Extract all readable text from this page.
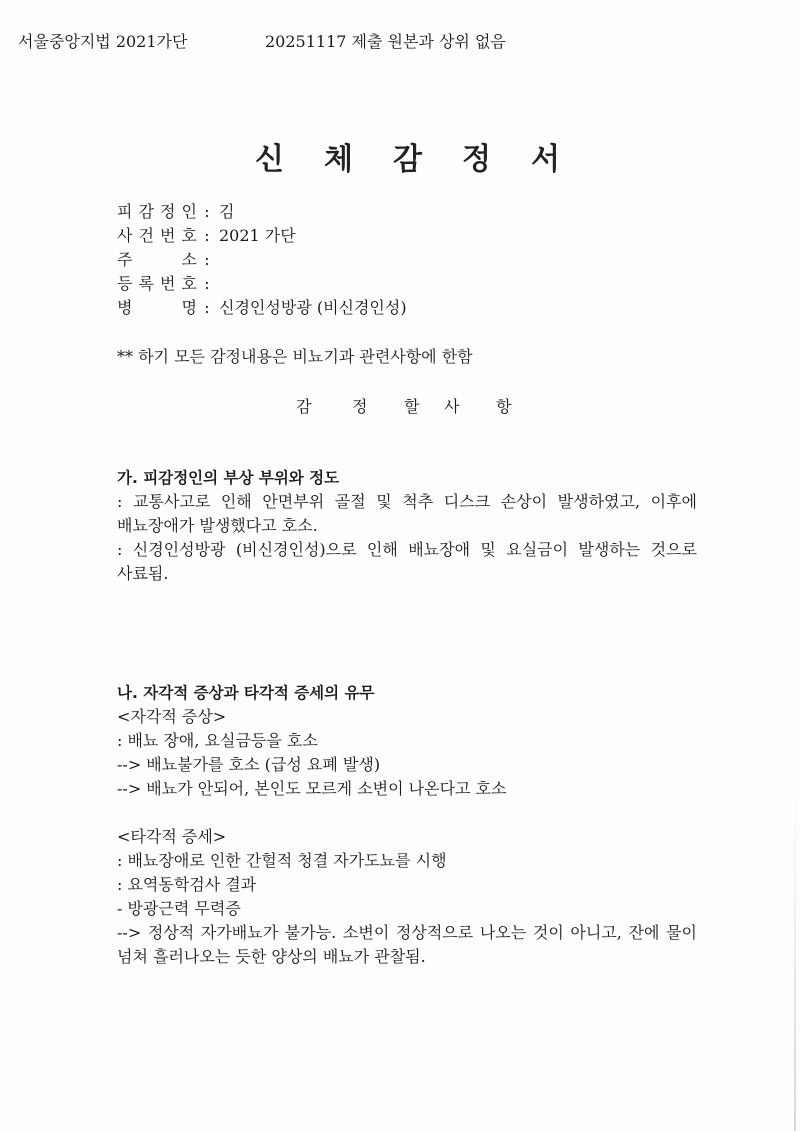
서울중앙지법 2021가단	20251117 제출 원본과 상위 없음
신 체 감 정 서
피 감 정 인 : 김
사 건 번 호 : 2021 가단
주	소 :
등 록 번 호 :
병	명 : 신경인성방광 (비신경인성)
** 하기 모든 감정내용은 비뇨기과 관련사항에 한함
감	정 할 사 항
가. 피감정인의 부상 부위와 정도
: 교통사고로 인해 안면부위 골절 및 척추 디스크 손상이 발생하였고, 이후에 배뇨장애가 발생했다고 호소.
: 신경인성방광 (비신경인성)으로 인해 배뇨장애 및 요실금이 발생하는 것으로 사료됨.
나. 자각적 증상과 타각적 증세의 유무
<자각적 증상>
: 배뇨 장애, 요실금등을 호소
--> 배뇨불가를 호소 (급성 요폐 발생)
--> 배뇨가 안되어, 본인도 모르게 소변이 나온다고 호소
<타각적 증세>
: 배뇨장애로 인한 간헐적 청결 자가도뇨를 시행
: 요역동학검사 결과
- 방광근력 무력증
--> 정상적 자가배뇨가 불가능. 소변이 정상적으로 나오는 것이 아니고, 잔에 물이 넘쳐 흘러나오는 듯한 양상의 배뇨가 관찰됨.
